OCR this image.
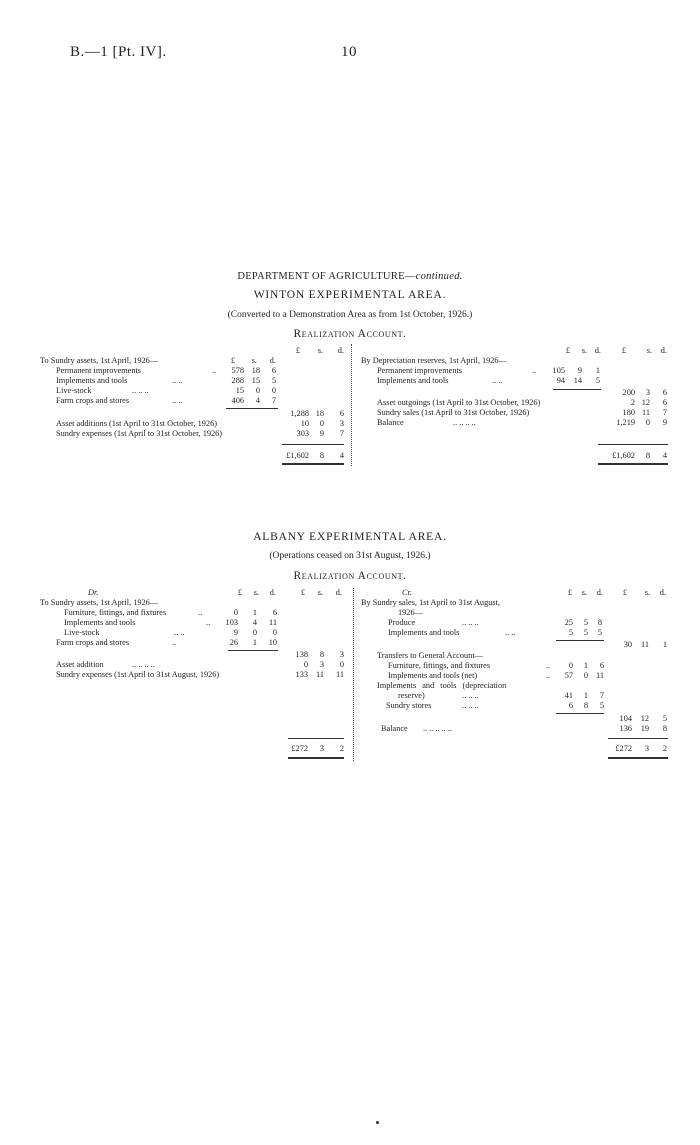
B.—1 [Pt. IV].	10
DEPARTMENT OF AGRICULTURE—continued.
WINTON EXPERIMENTAL AREA.
(Converted to a Demonstration Area as from 1st October, 1926.)
Realization Account.
£	s.	d.
£	s.	d.
To Sundry assets, 1st April, 1926—
Permanent improvements	..	578 18	6
Implements and tools	.. ..	288 15	5
Live-stock	.. .. ..	15	0	0
Farm crops and stores	.. ..	406	4	7
1,288 18	6
Asset additions (1st April to 31st October, 1926)	10	0	3
Sundry expenses (1st April to 31st October, 1926)	303	9	7
£1,602	8	4
£	s. d.	£	s.	d.
By Depreciation reserves, 1st April, 1926—
Permanent improvements	..	105	9	1
Implements and tools	.. ..	94	14	5
200	3	6
Asset outgoings (1st April to 31st October, 1926)	2 12	6
Sundry sales (1st April to 31st October, 1926)	180 11	7
Balance	.. .. .. ..	1,219	0	9
£1,602	8	4
ALBANY EXPERIMENTAL AREA.
(Operations ceased on 31st August, 1926.)
Realization Account.
Dr.	£	s.	d.	£	s.	d.
To Sundry assets, 1st April, 1926—
Furniture, fittings, and fixtures	..	0	1	6
Implements and tools	..	103	4	11
Live-stock	.. ..	9	0	0
Farm crops and stores	..	26	1	10
138	8	3
Asset addition	.. .. .. ..	0	3	0
Sundry expenses (1st April to 31st August, 1926)	133 11	11
£272	3	2
Cr.	£	s.	d.	£	s.	d.
By Sundry sales, 1st April to 31st August,
1926—
Produce	.. .. ..	25	5	8
Implements and tools	.. ..	5	5	5
30	11	1
Transfers to General Account—
Furniture, fittings, and fixtures	..	0	1	6
Implements and tools (net)	..	57	0 11
Implements and tools (depreciation
reserve)	.. .. ..	41	1	7
Sundry stores	.. .. ..	6	8	5
104	12	5
Balance .. .. .. .. ..	136	19	8
£272	3	2
